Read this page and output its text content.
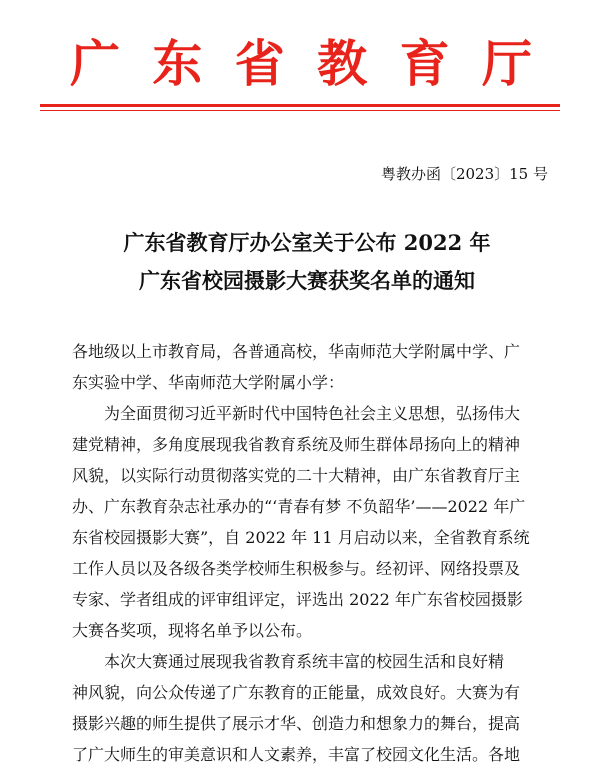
广 东 省 教 育 厅
粤教办函〔2023〕15 号
广东省教育厅办公室关于公布 2022 年
广东省校园摄影大赛获奖名单的通知
各地级以上市教育局，各普通高校，华南师范大学附属中学、广
东实验中学、华南师范大学附属小学：
为全面贯彻习近平新时代中国特色社会主义思想，弘扬伟大
建党精神，多角度展现我省教育系统及师生群体昂扬向上的精神
风貌，以实际行动贯彻落实党的二十大精神，由广东省教育厅主
办、广东教育杂志社承办的“‘青春有梦 不负韶华’——2022 年广
东省校园摄影大赛”，自 2022 年 11 月启动以来，全省教育系统
工作人员以及各级各类学校师生积极参与。经初评、网络投票及
专家、学者组成的评审组评定，评选出 2022 年广东省校园摄影
大赛各奖项，现将名单予以公布。
本次大赛通过展现我省教育系统丰富的校园生活和良好精
神风貌，向公众传递了广东教育的正能量，成效良好。大赛为有
摄影兴趣的师生提供了展示才华、创造力和想象力的舞台，提高
了广大师生的审美意识和人文素养，丰富了校园文化生活。各地
